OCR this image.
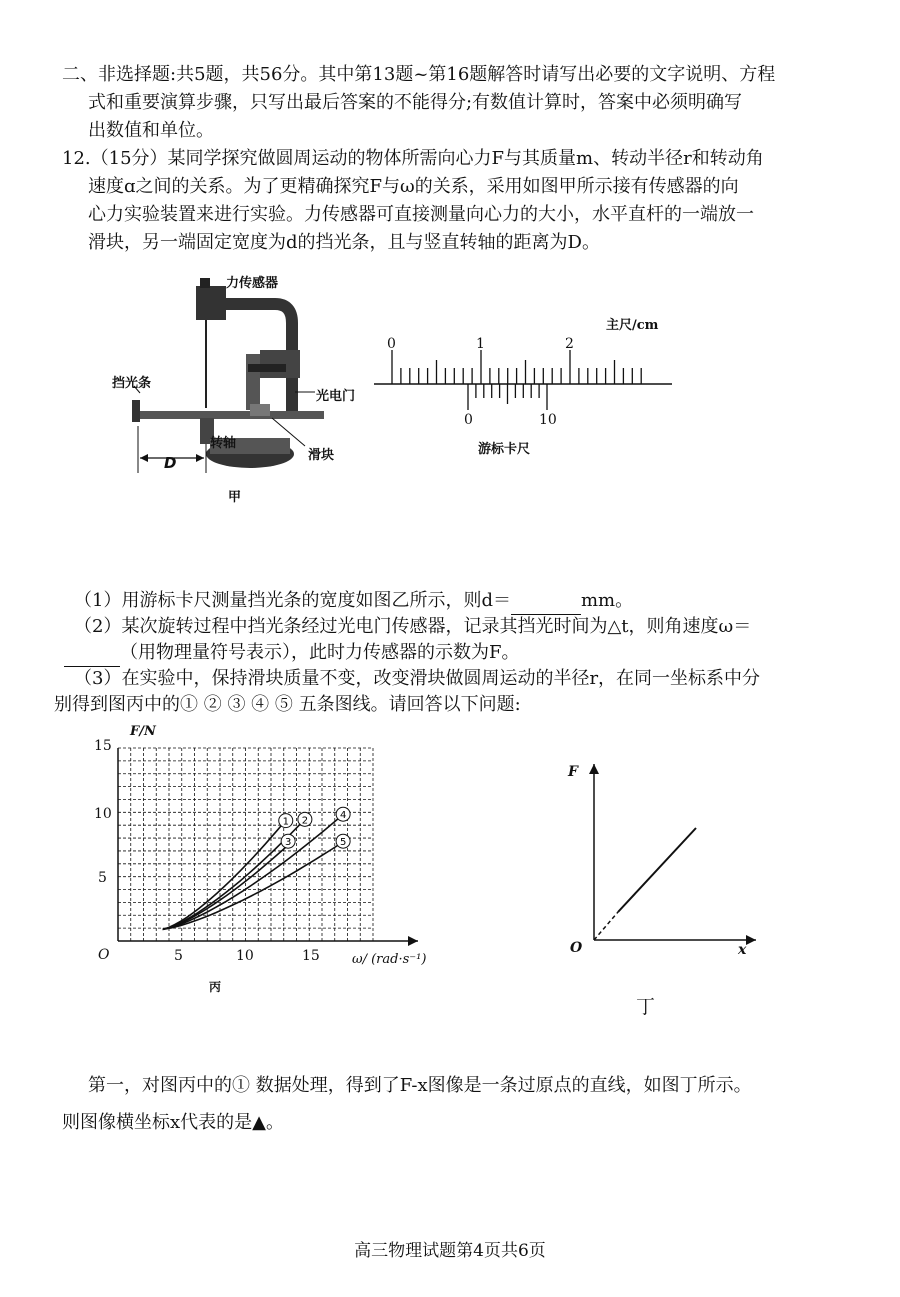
二、非选择题:共5题，共56分。其中第13题~第16题解答时请写出必要的文字说明、方程
式和重要演算步骤，只写出最后答案的不能得分;有数值计算时，答案中必须明确写
出数值和单位。
12.（15分）某同学探究做圆周运动的物体所需向心力F与其质量m、转动半径r和转动角
速度ɑ之间的关系。为了更精确探究F与ω的关系，采用如图甲所示接有传感器的向
心力实验装置来进行实验。力传感器可直接测量向心力的大小，水平直杆的一端放一
滑块，另一端固定宽度为d的挡光条，且与竖直转轴的距离为D。
力传感器
挡光条
光电门
滑块
转轴
D
甲
主尺/cm
0	1	2
0	10
游标卡尺
（1）用游标卡尺测量挡光条的宽度如图乙所示，则d＝	mm。
（2）某次旋转过程中挡光条经过光电门传感器，记录其挡光时间为△t，则角速度ω＝
（用物理量符号表示），此时力传感器的示数为F。
（3）在实验中，保持滑块质量不变，改变滑块做圆周运动的半径r，在同一坐标系中分
别得到图丙中的① ② ③ ④ ⑤ 五条图线。请回答以下问题:
1 2
3
4
5
F/N
ω/ (rad·s⁻¹)
O	5	10	15
15
10
5
丙
F
O	x
丁
第一，对图丙中的① 数据处理，得到了F-x图像是一条过原点的直线，如图丁所示。
则图像横坐标x代表的是▲。
高三物理试题第4页共6页
